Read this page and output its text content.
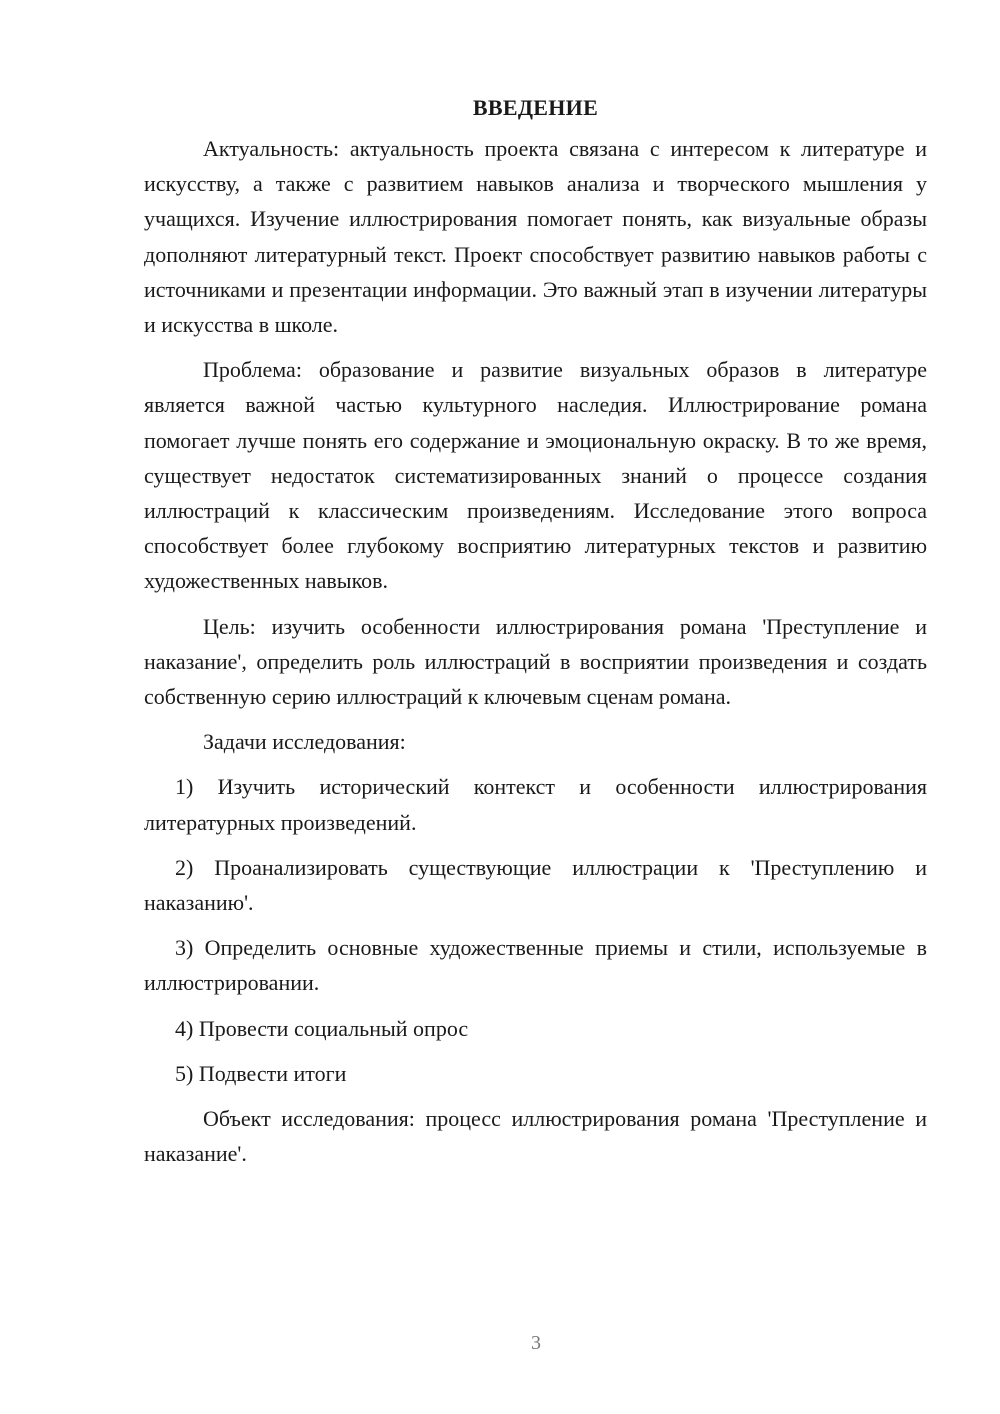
ВВЕДЕНИЕ

Актуальность: актуальность проекта связана с интересом к литературе и искусству, а также с развитием навыков анализа и творческого мышления у учащихся. Изучение иллюстрирования помогает понять, как визуальные образы дополняют литературный текст. Проект способствует развитию навыков работы с источниками и презентации информации. Это важный этап в изучении литературы и искусства в школе.

Проблема: образование и развитие визуальных образов в литературе является важной частью культурного наследия. Иллюстрирование романа помогает лучше понять его содержание и эмоциональную окраску. В то же время, существует недостаток систематизированных знаний о процессе создания иллюстраций к классическим произведениям. Исследование этого вопроса способствует более глубокому восприятию литературных текстов и развитию художественных навыков.

Цель: изучить особенности иллюстрирования романа 'Преступление и наказание', определить роль иллюстраций в восприятии произведения и создать собственную серию иллюстраций к ключевым сценам романа.

Задачи исследования:

1) Изучить исторический контекст и особенности иллюстрирования литературных произведений.

2) Проанализировать существующие иллюстрации к 'Преступлению и наказанию'.

3) Определить основные художественные приемы и стили, используемые в иллюстрировании.

4) Провести социальный опрос

5) Подвести итоги

Объект исследования: процесс иллюстрирования романа 'Преступление и наказание'.

3
